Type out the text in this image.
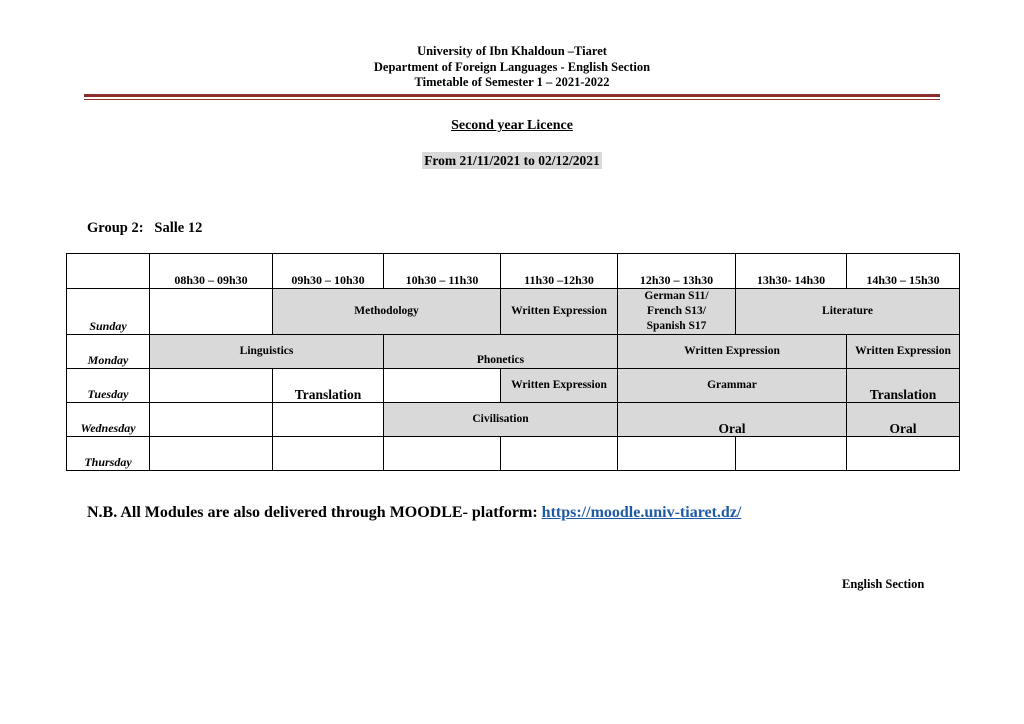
University of Ibn Khaldoun –Tiaret
Department of Foreign Languages - English Section
Timetable of Semester 1 – 2021-2022
Second year Licence
From 21/11/2021 to 02/12/2021
Group 2: Salle 12
	08h30 – 09h30	09h30 – 10h30	10h30 – 11h30	11h30 –12h30	12h30 – 13h30	13h30- 14h30	14h30 – 15h30
Sunday		Methodology		Written Expression	German S11/
French S13/
Spanish S17	Literature	
Monday	Linguistics		Phonetics		Written Expression		Written Expression
Tuesday		Translation		Written Expression	Grammar		Translation
Wednesday			Civilisation		Oral		Oral
Thursday							
N.B. All Modules are also delivered through MOODLE- platform: https://moodle.univ-tiaret.dz/
English Section
